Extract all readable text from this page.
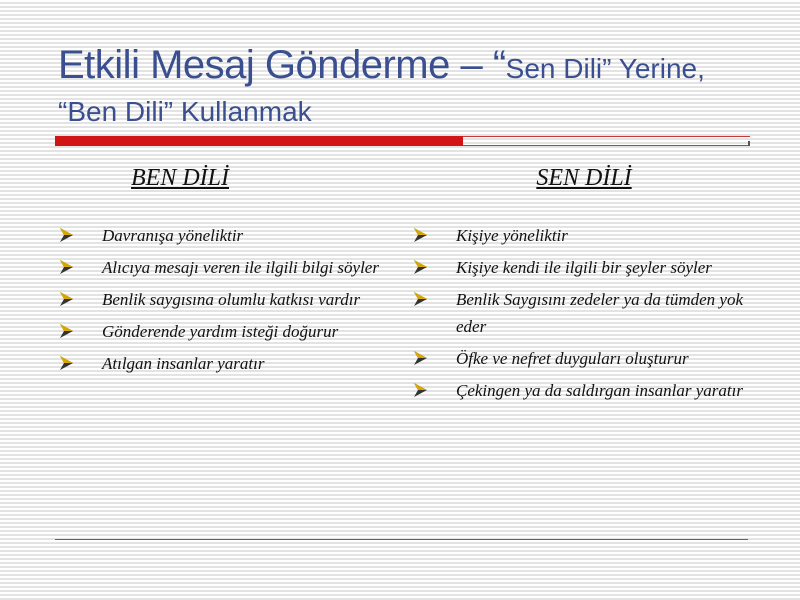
Etkili Mesaj Gönderme – “Sen Dili” Yerine,
“Ben Dili” Kullanmak
BEN DİLİ
Davranışa yöneliktir
Alıcıya mesajı veren ile ilgili bilgi söyler
Benlik saygısına olumlu katkısı vardır
Gönderende yardım isteği doğurur
Atılgan insanlar yaratır
SEN DİLİ
Kişiye yöneliktir
Kişiye kendi ile ilgili bir şeyler söyler
Benlik Saygısını zedeler ya da tümden yok eder
Öfke ve nefret duyguları oluşturur
Çekingen ya da saldırgan insanlar yaratır
